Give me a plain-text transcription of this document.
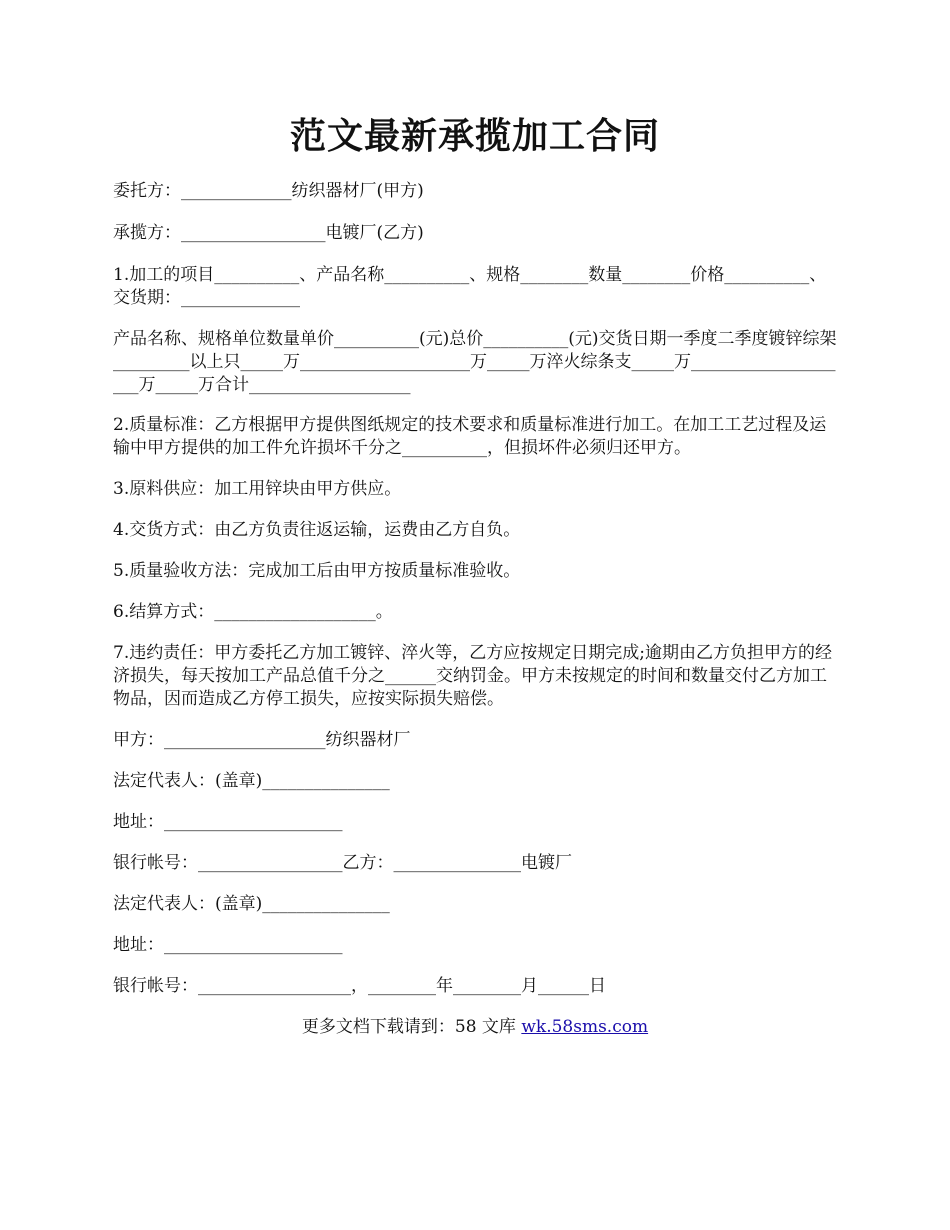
范文最新承揽加工合同

委托方：_____________纺织器材厂(甲方)

承揽方：_________________电镀厂(乙方)

1.加工的项目__________、产品名称__________、规格________数量________价格__________、交货期：______________

产品名称、规格单位数量单价__________(元)总价__________(元)交货日期一季度二季度镀锌综架_________以上只_____万____________________万_____万淬火综条支_____万____________________万_____万合计___________________

2.质量标准：乙方根据甲方提供图纸规定的技术要求和质量标准进行加工。在加工工艺过程及运输中甲方提供的加工件允许损坏千分之__________，但损坏件必须归还甲方。

3.原料供应：加工用锌块由甲方供应。

4.交货方式：由乙方负责往返运输，运费由乙方自负。

5.质量验收方法：完成加工后由甲方按质量标准验收。

6.结算方式：___________________。

7.违约责任：甲方委托乙方加工镀锌、淬火等，乙方应按规定日期完成;逾期由乙方负担甲方的经济损失，每天按加工产品总值千分之______交纳罚金。甲方未按规定的时间和数量交付乙方加工物品，因而造成乙方停工损失，应按实际损失赔偿。

甲方：___________________纺织器材厂

法定代表人：(盖章)_______________

地址：_____________________

银行帐号：_________________乙方：_______________电镀厂

法定代表人：(盖章)_______________

地址：_____________________

银行帐号：__________________，________年________月______日

更多文档下载请到：58 文库 wk.58sms.com
